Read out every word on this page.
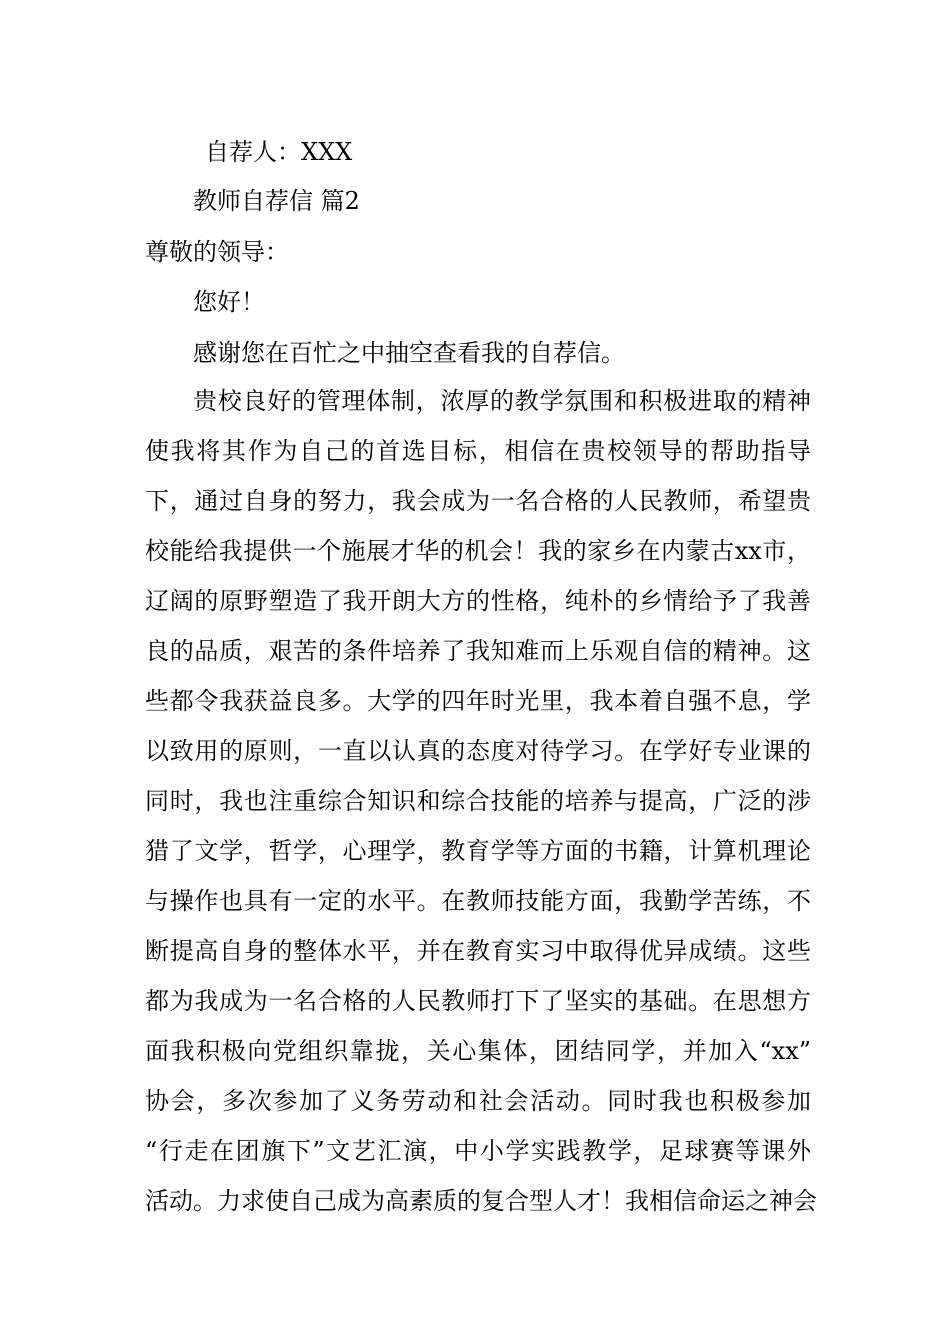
自荐人：XXX
教师自荐信 篇2
尊敬的领导：
您好！
感谢您在百忙之中抽空查看我的自荐信。
贵校良好的管理体制，浓厚的教学氛围和积极进取的精神
使我将其作为自己的首选目标，相信在贵校领导的帮助指导
下，通过自身的努力，我会成为一名合格的人民教师，希望贵
校能给我提供一个施展才华的机会！我的家乡在内蒙古xx市，
辽阔的原野塑造了我开朗大方的性格，纯朴的乡情给予了我善
良的品质，艰苦的条件培养了我知难而上乐观自信的精神。这
些都令我获益良多。大学的四年时光里，我本着自强不息，学
以致用的原则，一直以认真的态度对待学习。在学好专业课的
同时，我也注重综合知识和综合技能的培养与提高，广泛的涉
猎了文学，哲学，心理学，教育学等方面的书籍，计算机理论
与操作也具有一定的水平。在教师技能方面，我勤学苦练，不
断提高自身的整体水平，并在教育实习中取得优异成绩。这些
都为我成为一名合格的人民教师打下了坚实的基础。在思想方
面我积极向党组织靠拢，关心集体，团结同学，并加入“xx”
协会，多次参加了义务劳动和社会活动。同时我也积极参加
“行走在团旗下”文艺汇演，中小学实践教学，足球赛等课外
活动。力求使自己成为高素质的复合型人才！我相信命运之神会
